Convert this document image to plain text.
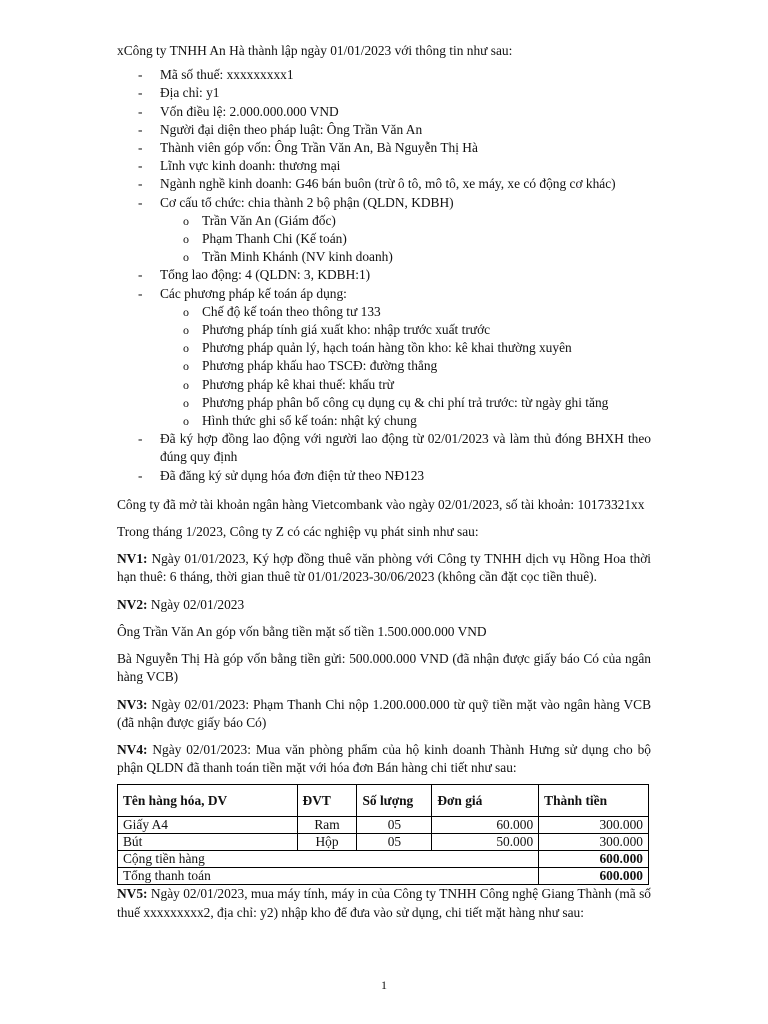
xCông ty TNHH An Hà thành lập ngày 01/01/2023 với thông tin như sau:

- Mã số thuế: xxxxxxxxx1
- Địa chỉ: y1
- Vốn điều lệ: 2.000.000.000 VND
- Người đại diện theo pháp luật: Ông Trần Văn An
- Thành viên góp vốn: Ông Trần Văn An, Bà Nguyễn Thị Hà
- Lĩnh vực kinh doanh: thương mại
- Ngành nghề kinh doanh: G46 bán buôn (trừ ô tô, mô tô, xe máy, xe có động cơ khác)
- Cơ cấu tổ chức: chia thành 2 bộ phận (QLDN, KDBH)
o Trần Văn An (Giám đốc)
o Phạm Thanh Chi (Kế toán)
o Trần Minh Khánh (NV kinh doanh)
- Tổng lao động: 4 (QLDN: 3, KDBH:1)
- Các phương pháp kế toán áp dụng:
o Chế độ kế toán theo thông tư 133
o Phương pháp tính giá xuất kho: nhập trước xuất trước
o Phương pháp quản lý, hạch toán hàng tồn kho: kê khai thường xuyên
o Phương pháp khấu hao TSCĐ: đường thẳng
o Phương pháp kê khai thuế: khấu trừ
o Phương pháp phân bổ công cụ dụng cụ & chi phí trả trước: từ ngày ghi tăng
o Hình thức ghi sổ kế toán: nhật ký chung
- Đã ký hợp đồng lao động với người lao động từ 02/01/2023 và làm thủ đóng BHXH theo đúng quy định
- Đã đăng ký sử dụng hóa đơn điện tử theo NĐ123

Công ty đã mở tài khoản ngân hàng Vietcombank vào ngày 02/01/2023, số tài khoản: 10173321xx

Trong tháng 1/2023, Công ty Z có các nghiệp vụ phát sinh như sau:

NV1: Ngày 01/01/2023, Ký hợp đồng thuê văn phòng với Công ty TNHH dịch vụ Hồng Hoa thời hạn thuê: 6 tháng, thời gian thuê từ 01/01/2023-30/06/2023 (không cần đặt cọc tiền thuê).

NV2: Ngày 02/01/2023

Ông Trần Văn An góp vốn bằng tiền mặt số tiền 1.500.000.000 VND

Bà Nguyễn Thị Hà góp vốn bằng tiền gửi: 500.000.000 VND (đã nhận được giấy báo Có của ngân hàng VCB)

NV3: Ngày 02/01/2023: Phạm Thanh Chi nộp 1.200.000.000 từ quỹ tiền mặt vào ngân hàng VCB (đã nhận được giấy báo Có)

NV4: Ngày 02/01/2023: Mua văn phòng phẩm của hộ kinh doanh Thành Hưng sử dụng cho bộ phận QLDN đã thanh toán tiền mặt với hóa đơn Bán hàng chi tiết như sau:

Tên hàng hóa, DV	ĐVT	Số lượng	Đơn giá	Thành tiền
Giấy A4	Ram	05	60.000	300.000
Bút	Hộp	05	50.000	300.000
Cộng tiền hàng				600.000
Tổng thanh toán				600.000

NV5: Ngày 02/01/2023, mua máy tính, máy in của Công ty TNHH Công nghệ Giang Thành (mã số thuế xxxxxxxxx2, địa chỉ: y2) nhập kho để đưa vào sử dụng, chi tiết mặt hàng như sau:

1
